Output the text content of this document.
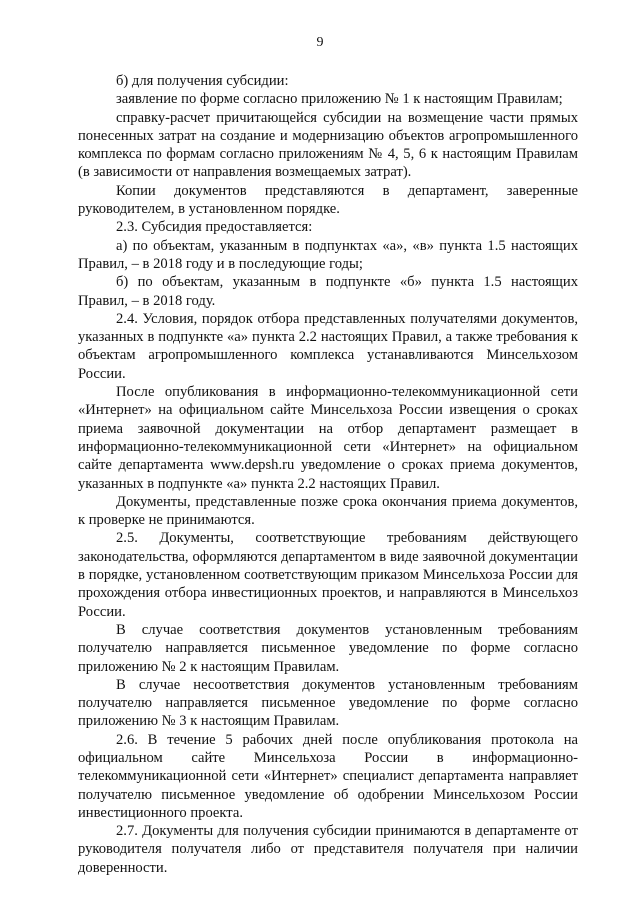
9

б) для получения субсидии:

заявление по форме согласно приложению № 1 к настоящим Правилам;

справку-расчет причитающейся субсидии на возмещение части прямых понесенных затрат на создание и модернизацию объектов агропромышленного комплекса по формам согласно приложениям № 4, 5, 6 к настоящим Правилам (в зависимости от направления возмещаемых затрат).

Копии документов представляются в департамент, заверенные руководителем, в установленном порядке.

2.3. Субсидия предоставляется:

а) по объектам, указанным в подпунктах «а», «в» пункта 1.5 настоящих Правил, – в 2018 году и в последующие годы;

б) по объектам, указанным в подпункте «б» пункта 1.5 настоящих Правил, – в 2018 году.

2.4. Условия, порядок отбора представленных получателями документов, указанных в подпункте «а» пункта 2.2 настоящих Правил, а также требования к объектам агропромышленного комплекса устанавливаются Минсельхозом России.

После опубликования в информационно-телекоммуникационной сети «Интернет» на официальном сайте Минсельхоза России извещения о сроках приема заявочной документации на отбор департамент размещает в информационно-телекоммуникационной сети «Интернет» на официальном сайте департамента www.depsh.ru уведомление о сроках приема документов, указанных в подпункте «а» пункта 2.2 настоящих Правил.

Документы, представленные позже срока окончания приема документов, к проверке не принимаются.

2.5. Документы, соответствующие требованиям действующего законодательства, оформляются департаментом в виде заявочной документации в порядке, установленном соответствующим приказом Минсельхоза России для прохождения отбора инвестиционных проектов, и направляются в Минсельхоз России.

В случае соответствия документов установленным требованиям получателю направляется письменное уведомление по форме согласно приложению № 2 к настоящим Правилам.

В случае несоответствия документов установленным требованиям получателю направляется письменное уведомление по форме согласно приложению № 3 к настоящим Правилам.

2.6. В течение 5 рабочих дней после опубликования протокола на официальном сайте Минсельхоза России в информационно-телекоммуникационной сети «Интернет» специалист департамента направляет получателю письменное уведомление об одобрении Минсельхозом России инвестиционного проекта.

2.7. Документы для получения субсидии принимаются в департаменте от руководителя получателя либо от представителя получателя при наличии доверенности.
